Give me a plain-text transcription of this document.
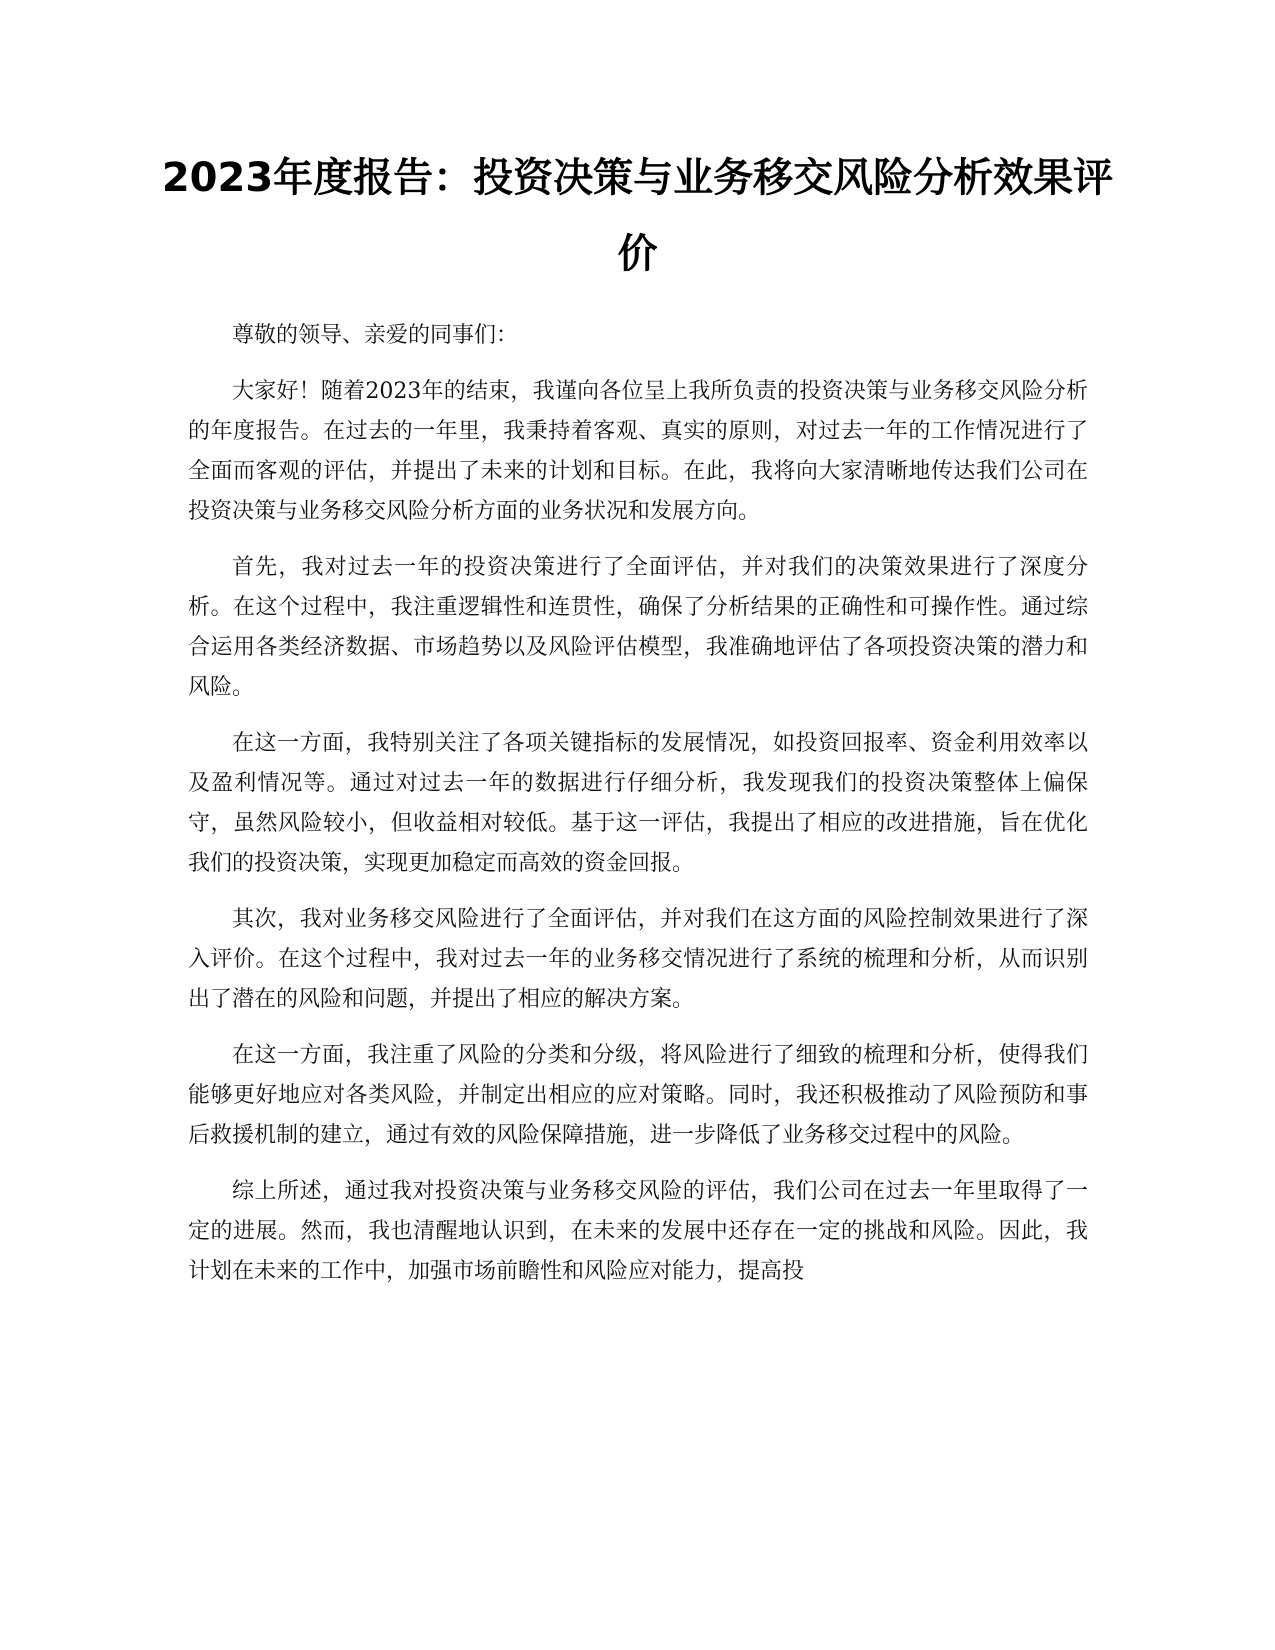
2023年度报告：投资决策与业务移交风险分析效果评价

尊敬的领导、亲爱的同事们：

大家好！随着2023年的结束，我谨向各位呈上我所负责的投资决策与业务移交风险分析的年度报告。在过去的一年里，我秉持着客观、真实的原则，对过去一年的工作情况进行了全面而客观的评估，并提出了未来的计划和目标。在此，我将向大家清晰地传达我们公司在投资决策与业务移交风险分析方面的业务状况和发展方向。

首先，我对过去一年的投资决策进行了全面评估，并对我们的决策效果进行了深度分析。在这个过程中，我注重逻辑性和连贯性，确保了分析结果的正确性和可操作性。通过综合运用各类经济数据、市场趋势以及风险评估模型，我准确地评估了各项投资决策的潜力和风险。

在这一方面，我特别关注了各项关键指标的发展情况，如投资回报率、资金利用效率以及盈利情况等。通过对过去一年的数据进行仔细分析，我发现我们的投资决策整体上偏保守，虽然风险较小，但收益相对较低。基于这一评估，我提出了相应的改进措施，旨在优化我们的投资决策，实现更加稳定而高效的资金回报。

其次，我对业务移交风险进行了全面评估，并对我们在这方面的风险控制效果进行了深入评价。在这个过程中，我对过去一年的业务移交情况进行了系统的梳理和分析，从而识别出了潜在的风险和问题，并提出了相应的解决方案。

在这一方面，我注重了风险的分类和分级，将风险进行了细致的梳理和分析，使得我们能够更好地应对各类风险，并制定出相应的应对策略。同时，我还积极推动了风险预防和事后救援机制的建立，通过有效的风险保障措施，进一步降低了业务移交过程中的风险。

综上所述，通过我对投资决策与业务移交风险的评估，我们公司在过去一年里取得了一定的进展。然而，我也清醒地认识到，在未来的发展中还存在一定的挑战和风险。因此，我计划在未来的工作中，加强市场前瞻性和风险应对能力，提高投
